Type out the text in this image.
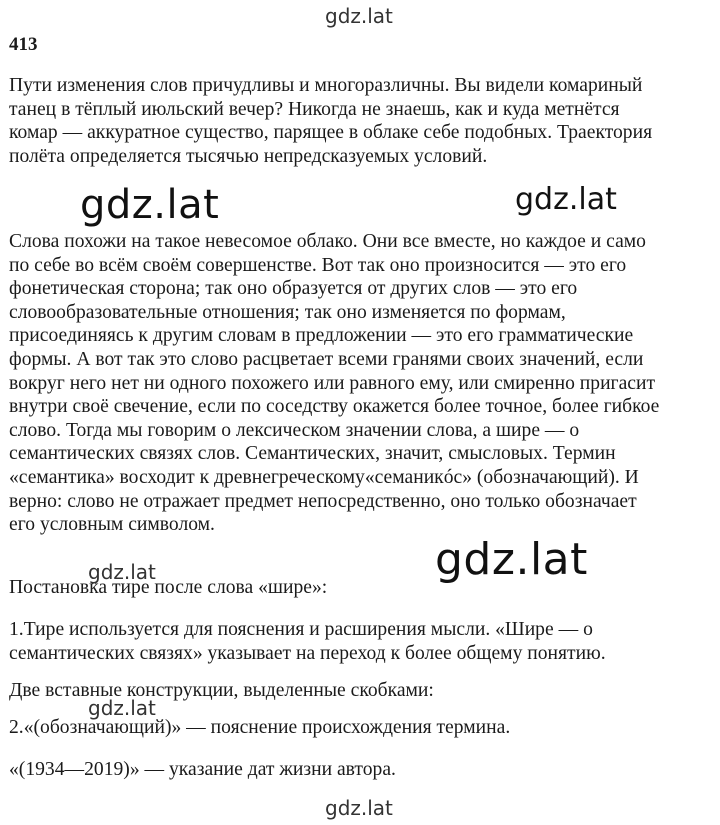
gdz.lat
413
Пути изменения слов причудливы и многоразличны. Вы видели комариный
танец в тёплый июльский вечер? Никогда не знаешь, как и куда метнётся
комар — аккуратное существо, парящее в облаке себе подобных. Траектория
полёта определяется тысячью непредсказуемых условий.
gdz.lat	gdz.lat
Слова похожи на такое невесомое облако. Они все вместе, но каждое и само
по себе во всём своём совершенстве. Вот так оно произносится — это его
фонетическая сторона; так оно образуется от других слов — это его
словообразовательные отношения; так оно изменяется по формам,
присоединяясь к другим словам в предложении — это его грамматические
формы. А вот так это слово расцветает всеми гранями своих значений, если
вокруг него нет ни одного похожего или равного ему, или смиренно пригасит
внутри своё свечение, если по соседству окажется более точное, более гибкое
слово. Тогда мы говорим о лексическом значении слова, а шире — о
семантических связях слов. Семантических, значит, смысловых. Термин
«семантика» восходит к древнегреческому«семаникóс» (обозначающий). И
верно: слово не отражает предмет непосредственно, оно только обозначает
его условным символом.
gdz.lat
gdz.lat
Постановка тире после слова «шире»:
1.Тире используется для пояснения и расширения мысли. «Шире — о
семантических связях» указывает на переход к более общему понятию.
Две вставные конструкции, выделенные скобками:
gdz.lat
2.«(обозначающий)» — пояснение происхождения термина.
«(1934—2019)» — указание дат жизни автора.
gdz.lat
